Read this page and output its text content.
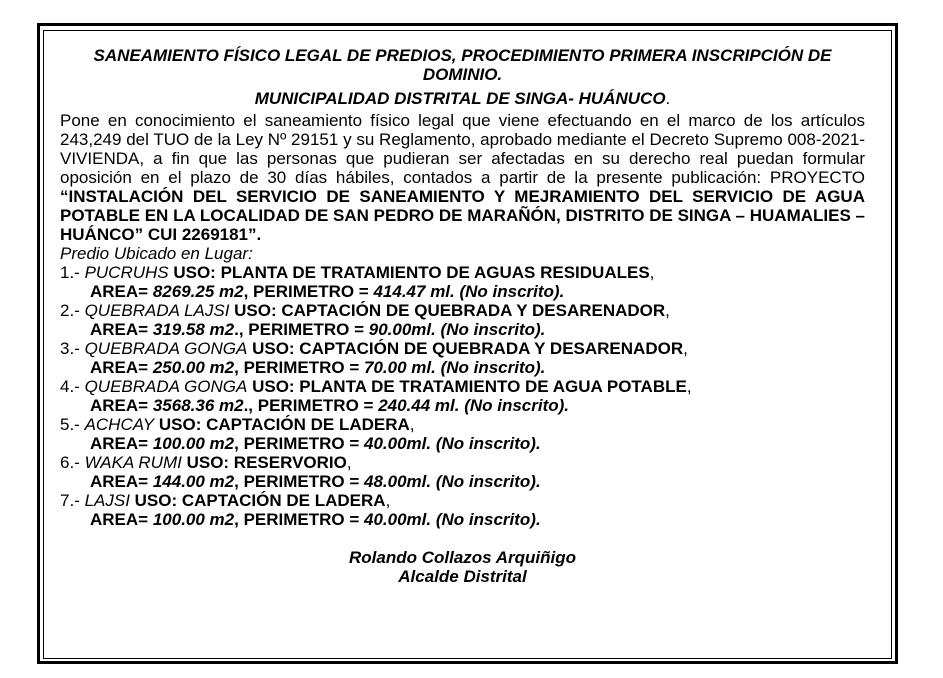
SANEAMIENTO FÍSICO LEGAL DE PREDIOS, PROCEDIMIENTO PRIMERA INSCRIPCIÓN DE DOMINIO.

MUNICIPALIDAD DISTRITAL DE SINGA- HUÁNUCO.

Pone en conocimiento el saneamiento físico legal que viene efectuando en el marco de los artículos 243,249 del TUO de la Ley Nº 29151 y su Reglamento, aprobado mediante el Decreto Supremo 008-2021-VIVIENDA, a fin que las personas que pudieran ser afectadas en su derecho real puedan formular oposición en el plazo de 30 días hábiles, contados a partir de la presente publicación: PROYECTO “INSTALACIÓN DEL SERVICIO DE SANEAMIENTO Y MEJRAMIENTO DEL SERVICIO DE AGUA POTABLE EN LA LOCALIDAD DE SAN PEDRO DE MARAÑÓN, DISTRITO DE SINGA – HUAMALIES – HUÁNCO” CUI 2269181”.
Predio Ubicado en Lugar:
1.- PUCRUHS USO: PLANTA DE TRATAMIENTO DE AGUAS RESIDUALES,
AREA= 8269.25 m2, PERIMETRO = 414.47 ml. (No inscrito).
2.- QUEBRADA LAJSI USO: CAPTACIÓN DE QUEBRADA Y DESARENADOR,
AREA= 319.58 m2., PERIMETRO = 90.00ml. (No inscrito).
3.- QUEBRADA GONGA USO: CAPTACIÓN DE QUEBRADA Y DESARENADOR,
AREA= 250.00 m2, PERIMETRO = 70.00 ml. (No inscrito).
4.- QUEBRADA GONGA USO: PLANTA DE TRATAMIENTO DE AGUA POTABLE,
AREA= 3568.36 m2., PERIMETRO = 240.44 ml. (No inscrito).
5.- ACHCAY USO: CAPTACIÓN DE LADERA,
AREA= 100.00 m2, PERIMETRO = 40.00ml. (No inscrito).
6.- WAKA RUMI USO: RESERVORIO,
AREA= 144.00 m2, PERIMETRO = 48.00ml. (No inscrito).
7.- LAJSI USO: CAPTACIÓN DE LADERA,
AREA= 100.00 m2, PERIMETRO = 40.00ml. (No inscrito).
Rolando Collazos Arquiñigo
Alcalde Distrital
